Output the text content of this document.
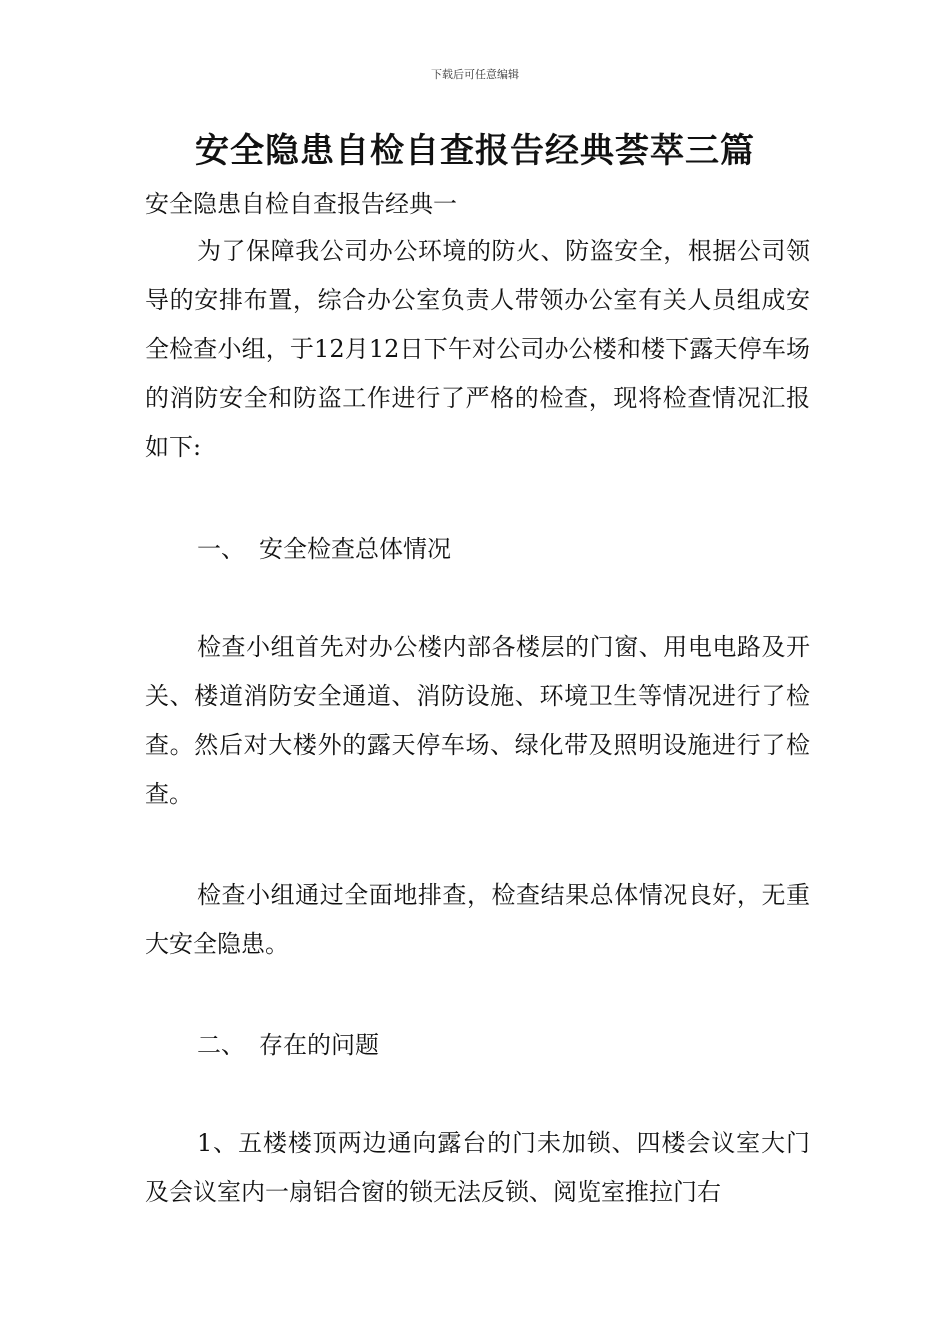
下载后可任意编辑
安全隐患自检自查报告经典荟萃三篇

安全隐患自检自查报告经典一

为了保障我公司办公环境的防火、防盗安全，根据公司领导的安排布置，综合办公室负责人带领办公室有关人员组成安全检查小组，于12月12日下午对公司办公楼和楼下露天停车场的消防安全和防盗工作进行了严格的检查，现将检查情况汇报如下:

一、 安全检查总体情况

检查小组首先对办公楼内部各楼层的门窗、用电电路及开关、楼道消防安全通道、消防设施、环境卫生等情况进行了检查。然后对大楼外的露天停车场、绿化带及照明设施进行了检查。

检查小组通过全面地排查，检查结果总体情况良好，无重大安全隐患。

二、 存在的问题

1、五楼楼顶两边通向露台的门未加锁、四楼会议室大门及会议室内一扇铝合窗的锁无法反锁、阅览室推拉门右
